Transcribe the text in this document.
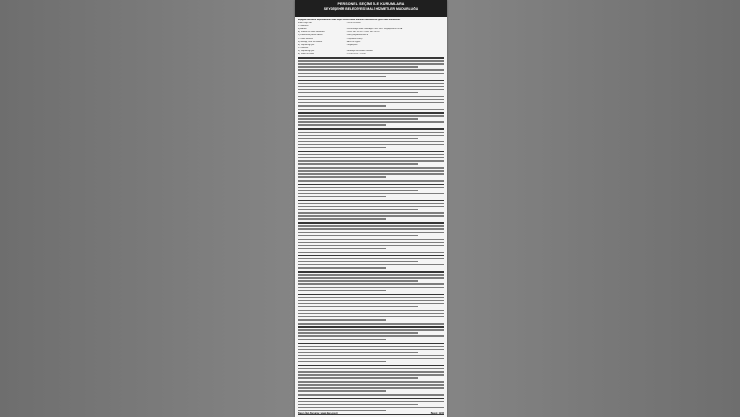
PERSONEL SEÇİMİ İLE KURUMLARA
SEYDİŞEHİR BELEDİYESİ MALİ HİZMETLER MÜDÜRLÜĞÜ
Aşağıda belirtilen taşınmazların 2886 sayılı Devlet İhale Kanunu hükümlerine göre ihale edilecektir.
İhale Kayıt No	: 2023/1234567
1- İdarenin
a) Adresi	: Kızılcakaya Mah. Belediye Cad. No:1 Seydişehir/KONYA
b) Telefon ve faks numarası	: 0332 582 00 00 - 0332 582 00 01
c) Elektronik posta adresi	: info@seydisehir.bel.tr
2- İhale konusu	: Taşınmaz satışı
a) Niteliği, türü ve miktarı	: Arsa ve işyeri
b) Yapılacağı yer	: Seydişehir
3- İhalenin
a) Yapılacağı yer	: Belediye Encümen Salonu
b) Tarihi ve saati	: 15.06.2023 - 14:00
Basın İlan Kurumu: www.ilan.gov.tr	Basın: 1234
